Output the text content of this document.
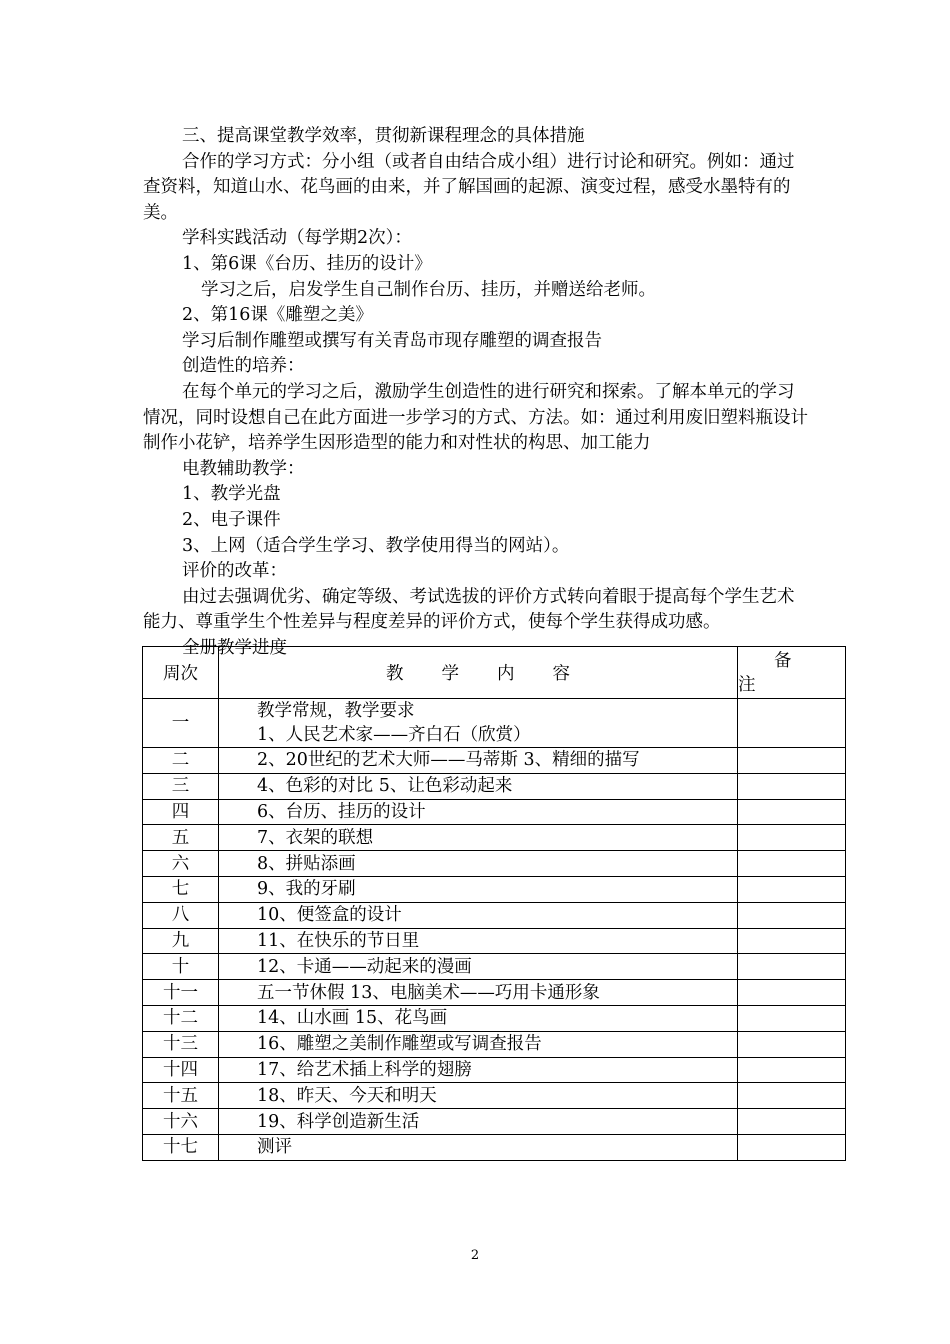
三、提高课堂教学效率，贯彻新课程理念的具体措施

合作的学习方式：分小组（或者自由结合成小组）进行讨论和研究。例如：通过查资料，知道山水、花鸟画的由来，并了解国画的起源、演变过程，感受水墨特有的美。

学科实践活动（每学期2次）：

1、第6课《台历、挂历的设计》

学习之后，启发学生自己制作台历、挂历，并赠送给老师。

2、第16课《雕塑之美》

学习后制作雕塑或撰写有关青岛市现存雕塑的调查报告

创造性的培养：

在每个单元的学习之后，激励学生创造性的进行研究和探索。了解本单元的学习情况，同时设想自己在此方面进一步学习的方式、方法。如：通过利用废旧塑料瓶设计制作小花铲，培养学生因形造型的能力和对性状的构思、加工能力

电教辅助教学：

1、教学光盘

2、电子课件

3、上网（适合学生学习、教学使用得当的网站）。

评价的改革：

由过去强调优劣、确定等级、考试选拔的评价方式转向着眼于提高每个学生艺术能力、尊重学生个性差异与程度差异的评价方式，使每个学生获得成功感。

全册教学进度

周次	教学内容	备
注

一	教学常规，教学要求
1、人民艺术家——齐白石（欣赏）	

二	2、20世纪的艺术大师——马蒂斯 3、精细的描写	
三	4、色彩的对比 5、让色彩动起来	
四	6、台历、挂历的设计	
五	7、衣架的联想	
六	8、拼贴添画	
七	9、我的牙刷	
八	10、便签盒的设计	
九	11、在快乐的节日里	
十	12、卡通——动起来的漫画	
十一	五一节休假 13、电脑美术——巧用卡通形象	
十二	14、山水画 15、花鸟画	
十三	16、雕塑之美制作雕塑或写调查报告	
十四	17、给艺术插上科学的翅膀	
十五	18、昨天、今天和明天	
十六	19、科学创造新生活	
十七	测评	
2
